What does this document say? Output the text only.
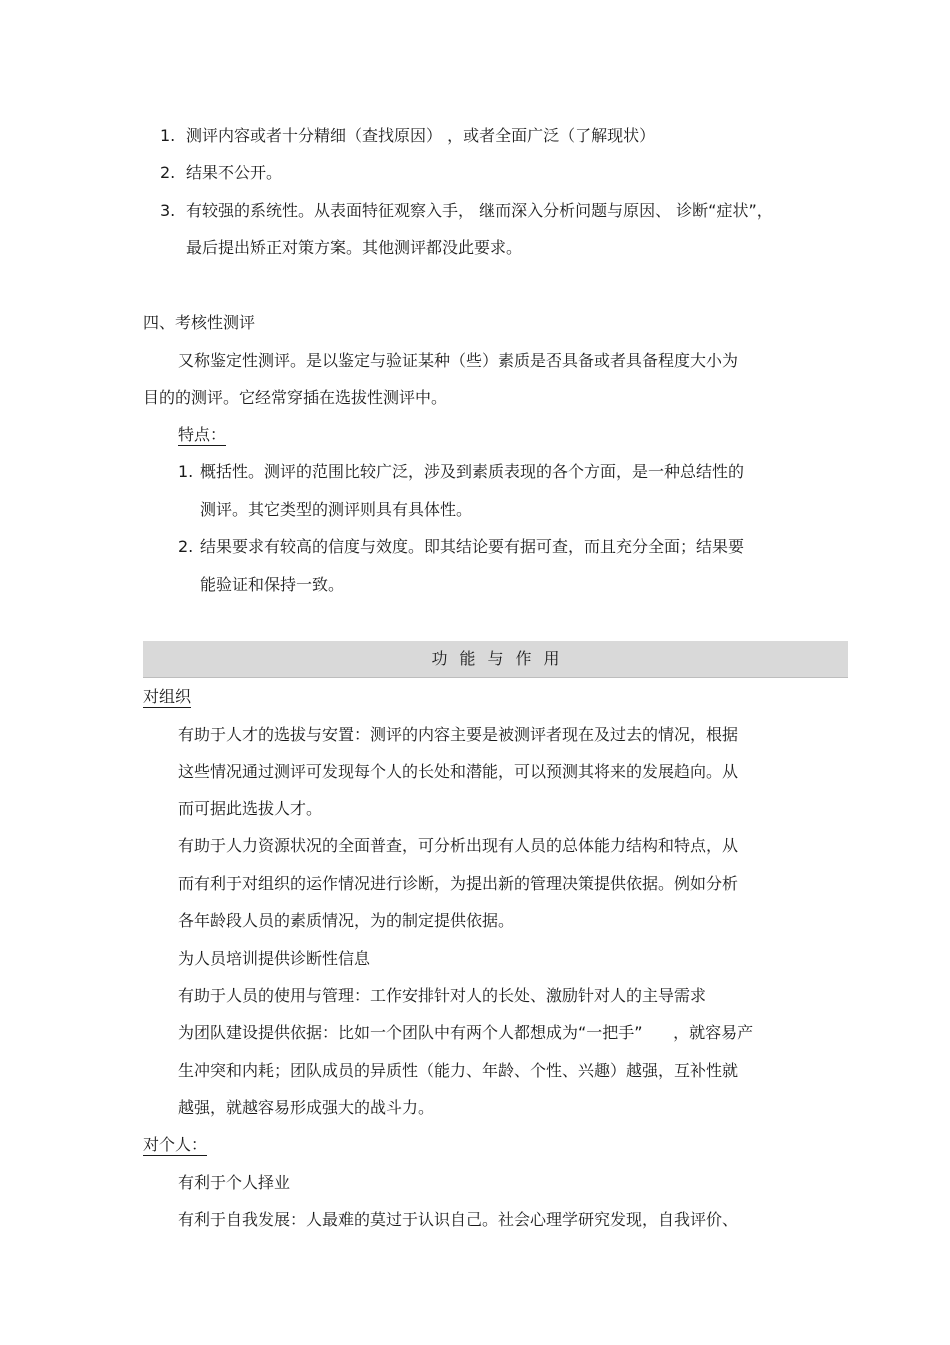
1. 测评内容或者十分精细（查找原因） ，或者全面广泛（了解现状）
2. 结果不公开。
3. 有较强的系统性。从表面特征观察入手， 继而深入分析问题与原因、 诊断“症状”，
最后提出矫正对策方案。其他测评都没此要求。
四、考核性测评
又称鉴定性测评。是以鉴定与验证某种（些）素质是否具备或者具备程度大小为
目的的测评。它经常穿插在选拔性测评中。
特点：
1. 概括性。测评的范围比较广泛，涉及到素质表现的各个方面，是一种总结性的
测评。其它类型的测评则具有具体性。
2. 结果要求有较高的信度与效度。即其结论要有据可查，而且充分全面；结果要
能验证和保持一致。
功能与作用
对组织
有助于人才的选拔与安置：测评的内容主要是被测评者现在及过去的情况，根据
这些情况通过测评可发现每个人的长处和潜能，可以预测其将来的发展趋向。从
而可据此选拔人才。
有助于人力资源状况的全面普查，可分析出现有人员的总体能力结构和特点，从
而有利于对组织的运作情况进行诊断，为提出新的管理决策提供依据。例如分析
各年龄段人员的素质情况，为的制定提供依据。
为人员培训提供诊断性信息
有助于人员的使用与管理：工作安排针对人的长处、激励针对人的主导需求
为团队建设提供依据：比如一个团队中有两个人都想成为“一把手”      ，就容易产
生冲突和内耗；团队成员的异质性（能力、年龄、个性、兴趣）越强，互补性就
越强，就越容易形成强大的战斗力。
对个人：
有利于个人择业
有利于自我发展：人最难的莫过于认识自己。社会心理学研究发现，自我评价、
